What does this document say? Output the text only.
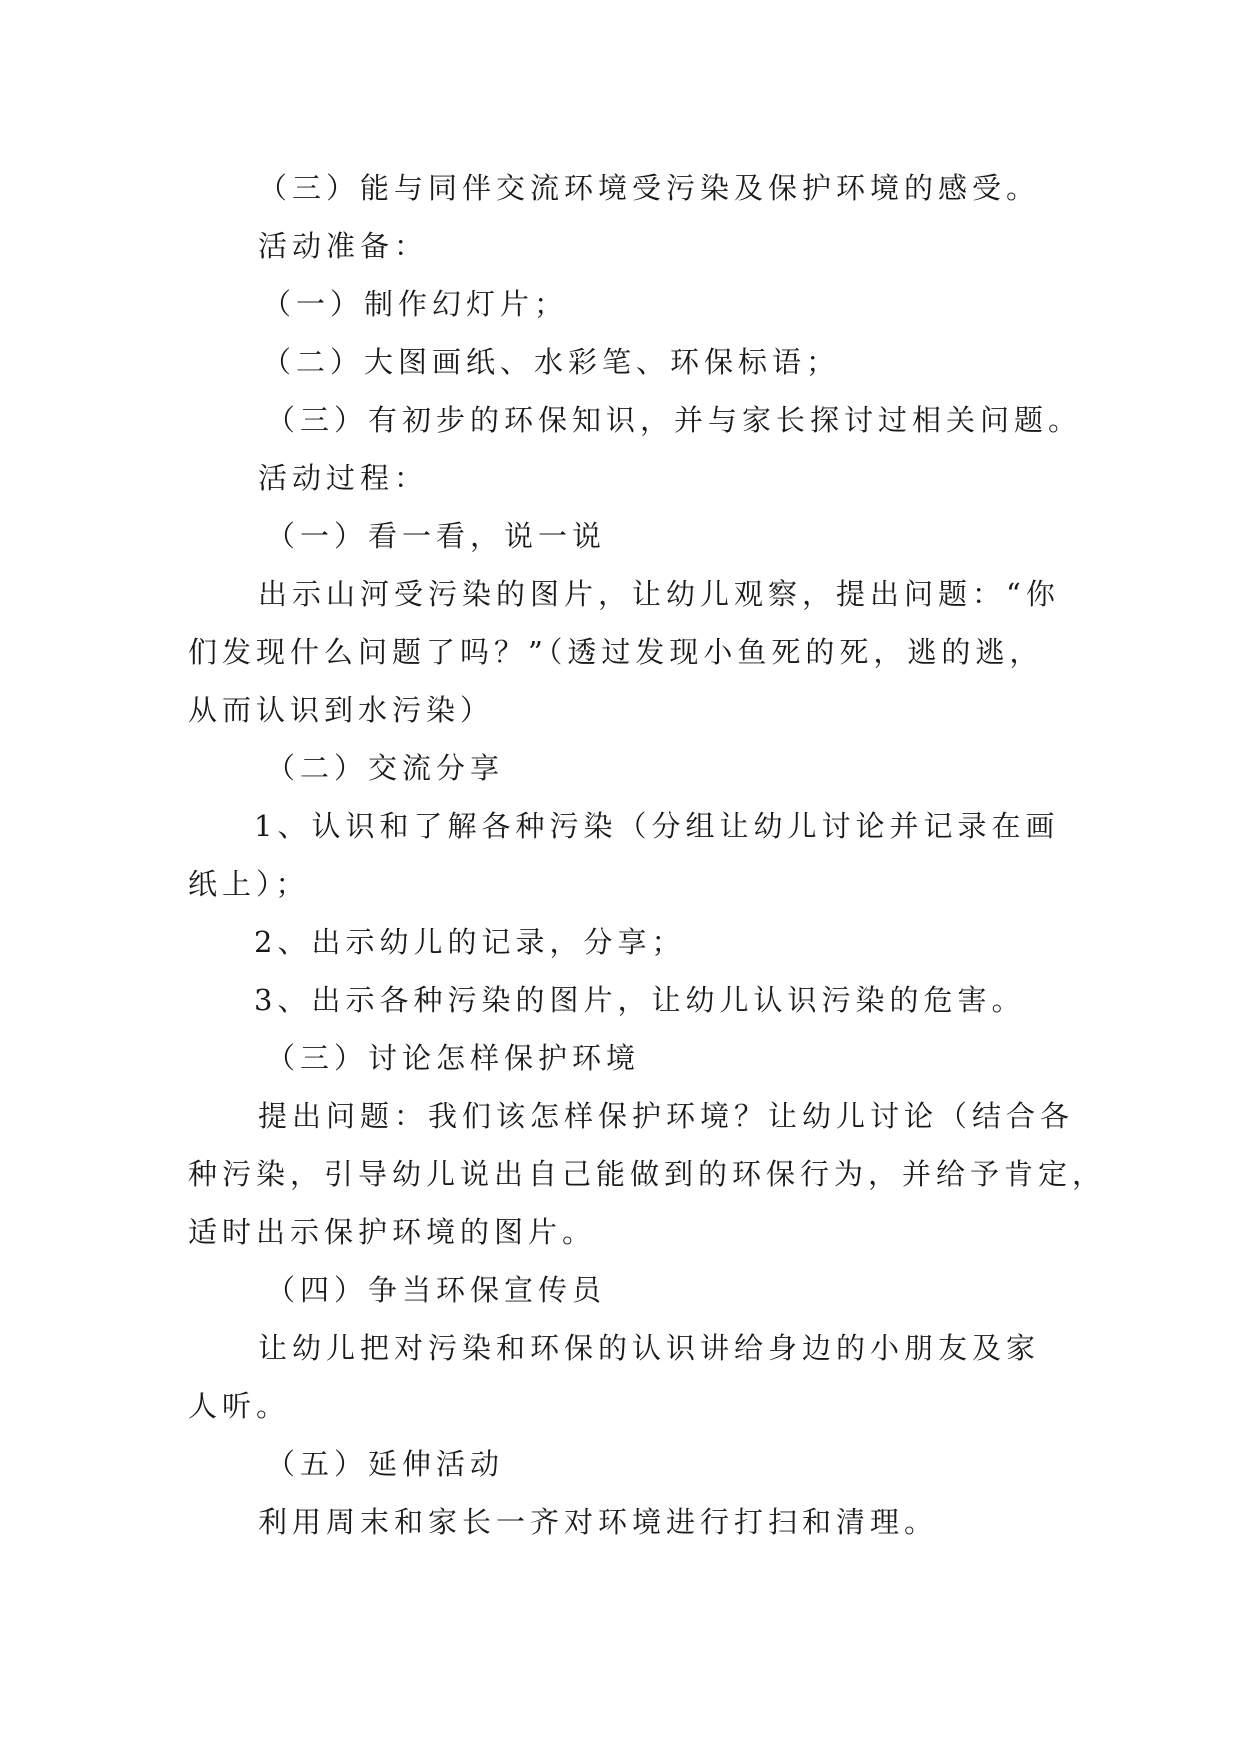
（三）能与同伴交流环境受污染及保护环境的感受。

活动准备：

（一）制作幻灯片；

（二）大图画纸、水彩笔、环保标语；

（三）有初步的环保知识，并与家长探讨过相关问题。

活动过程：

（一）看一看，说一说

出示山河受污染的图片，让幼儿观察，提出问题：“你

们发现什么问题了吗？”（透过发现小鱼死的死，逃的逃，

从而认识到水污染）

（二）交流分享

1、认识和了解各种污染（分组让幼儿讨论并记录在画

纸上）；

2、出示幼儿的记录，分享；

3、出示各种污染的图片，让幼儿认识污染的危害。

（三）讨论怎样保护环境

提出问题：我们该怎样保护环境？让幼儿讨论（结合各

种污染，引导幼儿说出自己能做到的环保行为，并给予肯定，

适时出示保护环境的图片。

（四）争当环保宣传员

让幼儿把对污染和环保的认识讲给身边的小朋友及家

人听。

（五）延伸活动

利用周末和家长一齐对环境进行打扫和清理。
